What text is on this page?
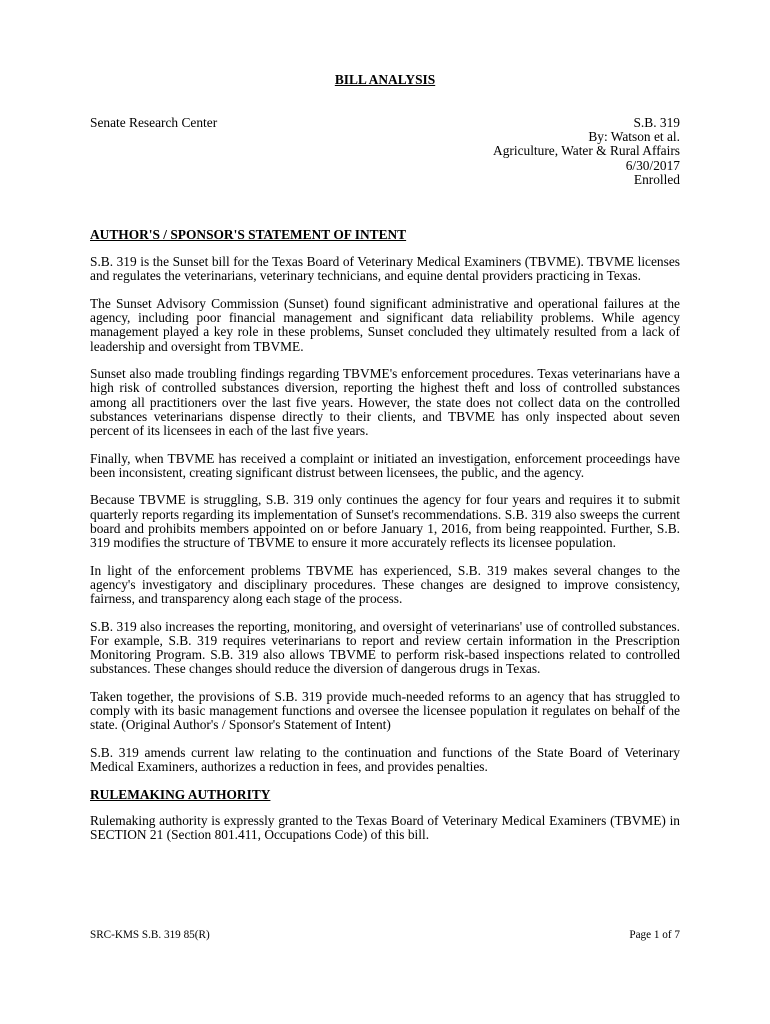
BILL ANALYSIS
Senate Research Center	S.B. 319
By: Watson et al.
Agriculture, Water & Rural Affairs
6/30/2017
Enrolled
AUTHOR'S / SPONSOR'S STATEMENT OF INTENT

S.B. 319 is the Sunset bill for the Texas Board of Veterinary Medical Examiners (TBVME). TBVME licenses and regulates the veterinarians, veterinary technicians, and equine dental providers practicing in Texas.

The Sunset Advisory Commission (Sunset) found significant administrative and operational failures at the agency, including poor financial management and significant data reliability problems. While agency management played a key role in these problems, Sunset concluded they ultimately resulted from a lack of leadership and oversight from TBVME.

Sunset also made troubling findings regarding TBVME's enforcement procedures. Texas veterinarians have a high risk of controlled substances diversion, reporting the highest theft and loss of controlled substances among all practitioners over the last five years. However, the state does not collect data on the controlled substances veterinarians dispense directly to their clients, and TBVME has only inspected about seven percent of its licensees in each of the last five years.

Finally, when TBVME has received a complaint or initiated an investigation, enforcement proceedings have been inconsistent, creating significant distrust between licensees, the public, and the agency.

Because TBVME is struggling, S.B. 319 only continues the agency for four years and requires it to submit quarterly reports regarding its implementation of Sunset's recommendations. S.B. 319 also sweeps the current board and prohibits members appointed on or before January 1, 2016, from being reappointed. Further, S.B. 319 modifies the structure of TBVME to ensure it more accurately reflects its licensee population.

In light of the enforcement problems TBVME has experienced, S.B. 319 makes several changes to the agency's investigatory and disciplinary procedures. These changes are designed to improve consistency, fairness, and transparency along each stage of the process.

S.B. 319 also increases the reporting, monitoring, and oversight of veterinarians' use of controlled substances. For example, S.B. 319 requires veterinarians to report and review certain information in the Prescription Monitoring Program. S.B. 319 also allows TBVME to perform risk-based inspections related to controlled substances. These changes should reduce the diversion of dangerous drugs in Texas.

Taken together, the provisions of S.B. 319 provide much-needed reforms to an agency that has struggled to comply with its basic management functions and oversee the licensee population it regulates on behalf of the state. (Original Author's / Sponsor's Statement of Intent)

S.B. 319 amends current law relating to the continuation and functions of the State Board of Veterinary Medical Examiners, authorizes a reduction in fees, and provides penalties.

RULEMAKING AUTHORITY

Rulemaking authority is expressly granted to the Texas Board of Veterinary Medical Examiners (TBVME) in SECTION 21 (Section 801.411, Occupations Code) of this bill.

SRC-KMS S.B. 319 85(R)	Page 1 of 7
